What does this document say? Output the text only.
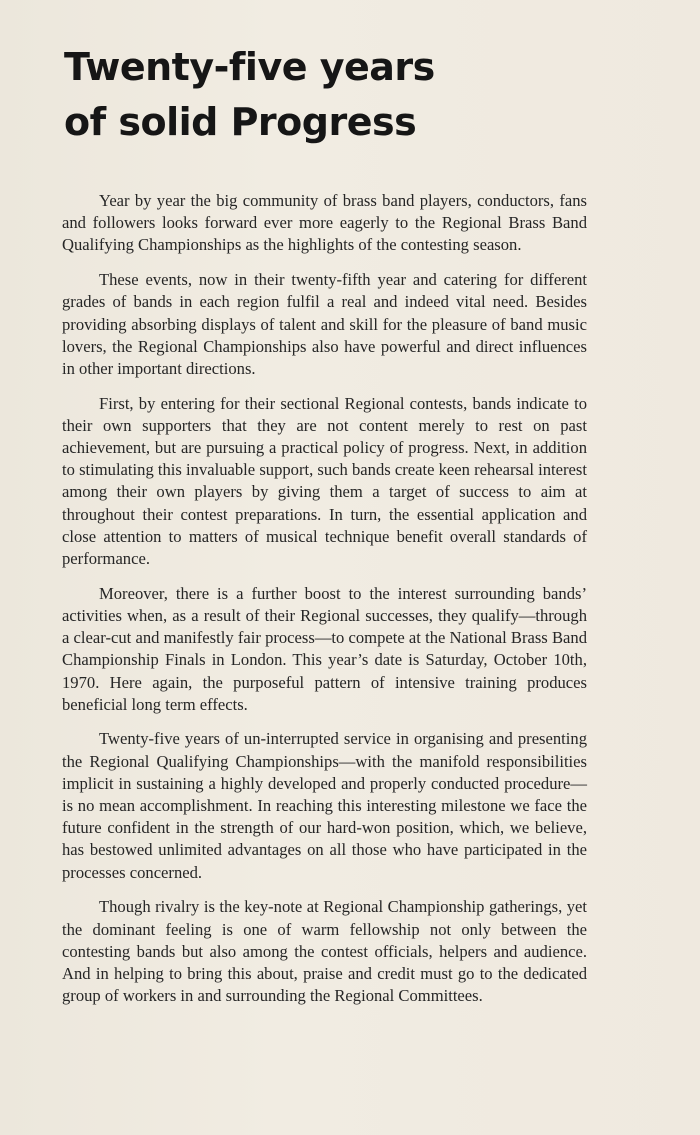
Twenty-five years
of solid Progress

Year by year the big community of brass band players, conductors, fans and followers looks forward ever more eagerly to the Regional Brass Band Qualifying Championships as the highlights of the contesting season.

These events, now in their twenty-fifth year and catering for different grades of bands in each region fulfil a real and indeed vital need. Besides providing absorbing displays of talent and skill for the pleasure of band music lovers, the Regional Championships also have powerful and direct influences in other important directions.

First, by entering for their sectional Regional contests, bands indicate to their own supporters that they are not content merely to rest on past achievement, but are pursuing a practical policy of progress. Next, in addition to stimulating this invaluable support, such bands create keen rehearsal interest among their own players by giving them a target of success to aim at throughout their contest preparations. In turn, the essential application and close attention to matters of musical technique benefit overall standards of performance.

Moreover, there is a further boost to the interest surrounding bands’ activities when, as a result of their Regional successes, they qualify—through a clear-cut and manifestly fair process—to compete at the National Brass Band Championship Finals in London. This year’s date is Saturday, October 10th, 1970. Here again, the purposeful pattern of intensive training produces beneficial long term effects.

Twenty-five years of un-interrupted service in organising and presenting the Regional Qualifying Championships—with the manifold responsibilities implicit in sustaining a highly developed and properly conducted procedure—is no mean accomplishment. In reaching this interesting milestone we face the future confident in the strength of our hard-won position, which, we believe, has bestowed unlimited advantages on all those who have participated in the processes concerned.

Though rivalry is the key-note at Regional Championship gatherings, yet the dominant feeling is one of warm fellowship not only between the contesting bands but also among the contest officials, helpers and audience. And in helping to bring this about, praise and credit must go to the dedicated group of workers in and surrounding the Regional Committees.
